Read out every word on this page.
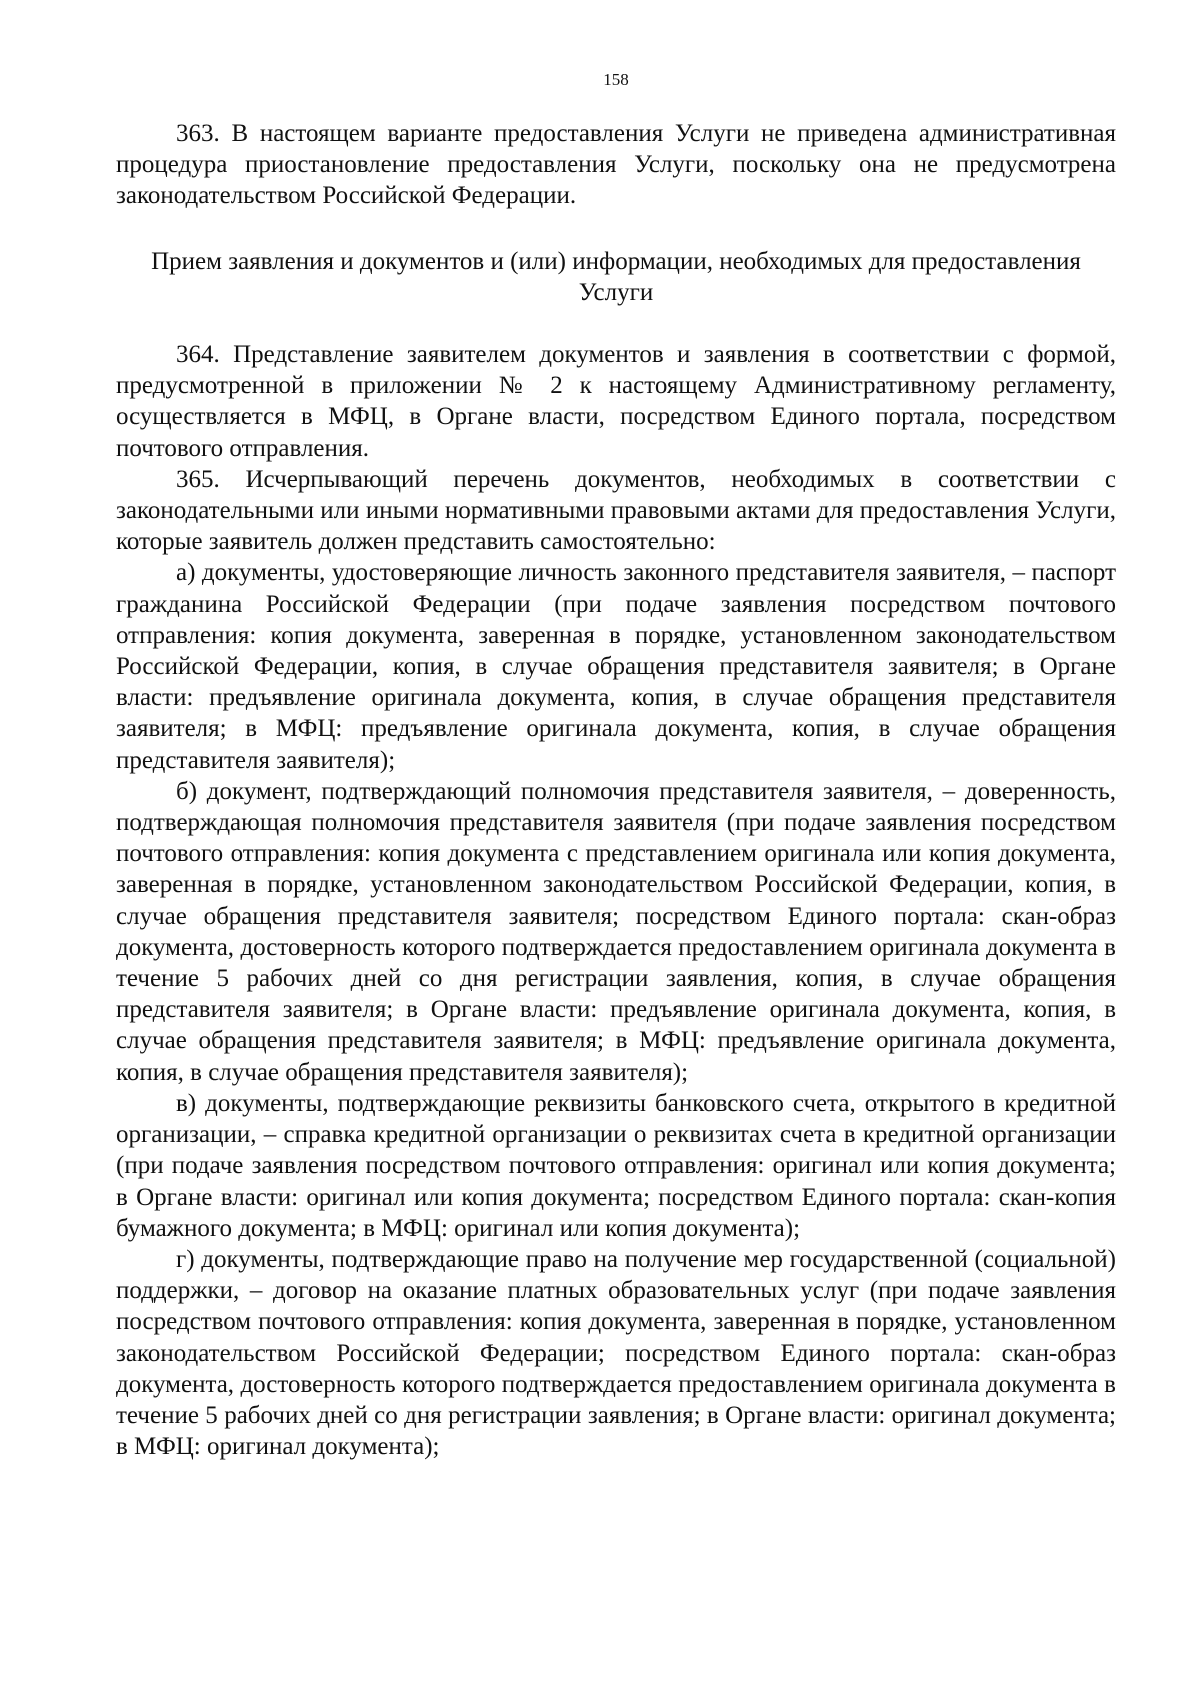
158

363. В настоящем варианте предоставления Услуги не приведена административная процедура приостановление предоставления Услуги, поскольку она не предусмотрена законодательством Российской Федерации.

Прием заявления и документов и (или) информации, необходимых для предоставления Услуги

364. Представление заявителем документов и заявления в соответствии с формой, предусмотренной в приложении № 2 к настоящему Административному регламенту, осуществляется в МФЦ, в Органе власти, посредством Единого портала, посредством почтового отправления.

365. Исчерпывающий перечень документов, необходимых в соответствии с законодательными или иными нормативными правовыми актами для предоставления Услуги, которые заявитель должен представить самостоятельно:

а) документы, удостоверяющие личность законного представителя заявителя, – паспорт гражданина Российской Федерации (при подаче заявления посредством почтового отправления: копия документа, заверенная в порядке, установленном законодательством Российской Федерации, копия, в случае обращения представителя заявителя; в Органе власти: предъявление оригинала документа, копия, в случае обращения представителя заявителя; в МФЦ: предъявление оригинала документа, копия, в случае обращения представителя заявителя);

б) документ, подтверждающий полномочия представителя заявителя, – доверенность, подтверждающая полномочия представителя заявителя (при подаче заявления посредством почтового отправления: копия документа с представлением оригинала или копия документа, заверенная в порядке, установленном законодательством Российской Федерации, копия, в случае обращения представителя заявителя; посредством Единого портала: скан-образ документа, достоверность которого подтверждается предоставлением оригинала документа в течение 5 рабочих дней со дня регистрации заявления, копия, в случае обращения представителя заявителя; в Органе власти: предъявление оригинала документа, копия, в случае обращения представителя заявителя; в МФЦ: предъявление оригинала документа, копия, в случае обращения представителя заявителя);

в) документы, подтверждающие реквизиты банковского счета, открытого в кредитной организации, – справка кредитной организации о реквизитах счета в кредитной организации (при подаче заявления посредством почтового отправления: оригинал или копия документа; в Органе власти: оригинал или копия документа; посредством Единого портала: скан-копия бумажного документа; в МФЦ: оригинал или копия документа);

г) документы, подтверждающие право на получение мер государственной (социальной) поддержки, – договор на оказание платных образовательных услуг (при подаче заявления посредством почтового отправления: копия документа, заверенная в порядке, установленном законодательством Российской Федерации; посредством Единого портала: скан-образ документа, достоверность которого подтверждается предоставлением оригинала документа в течение 5 рабочих дней со дня регистрации заявления; в Органе власти: оригинал документа; в МФЦ: оригинал документа);
